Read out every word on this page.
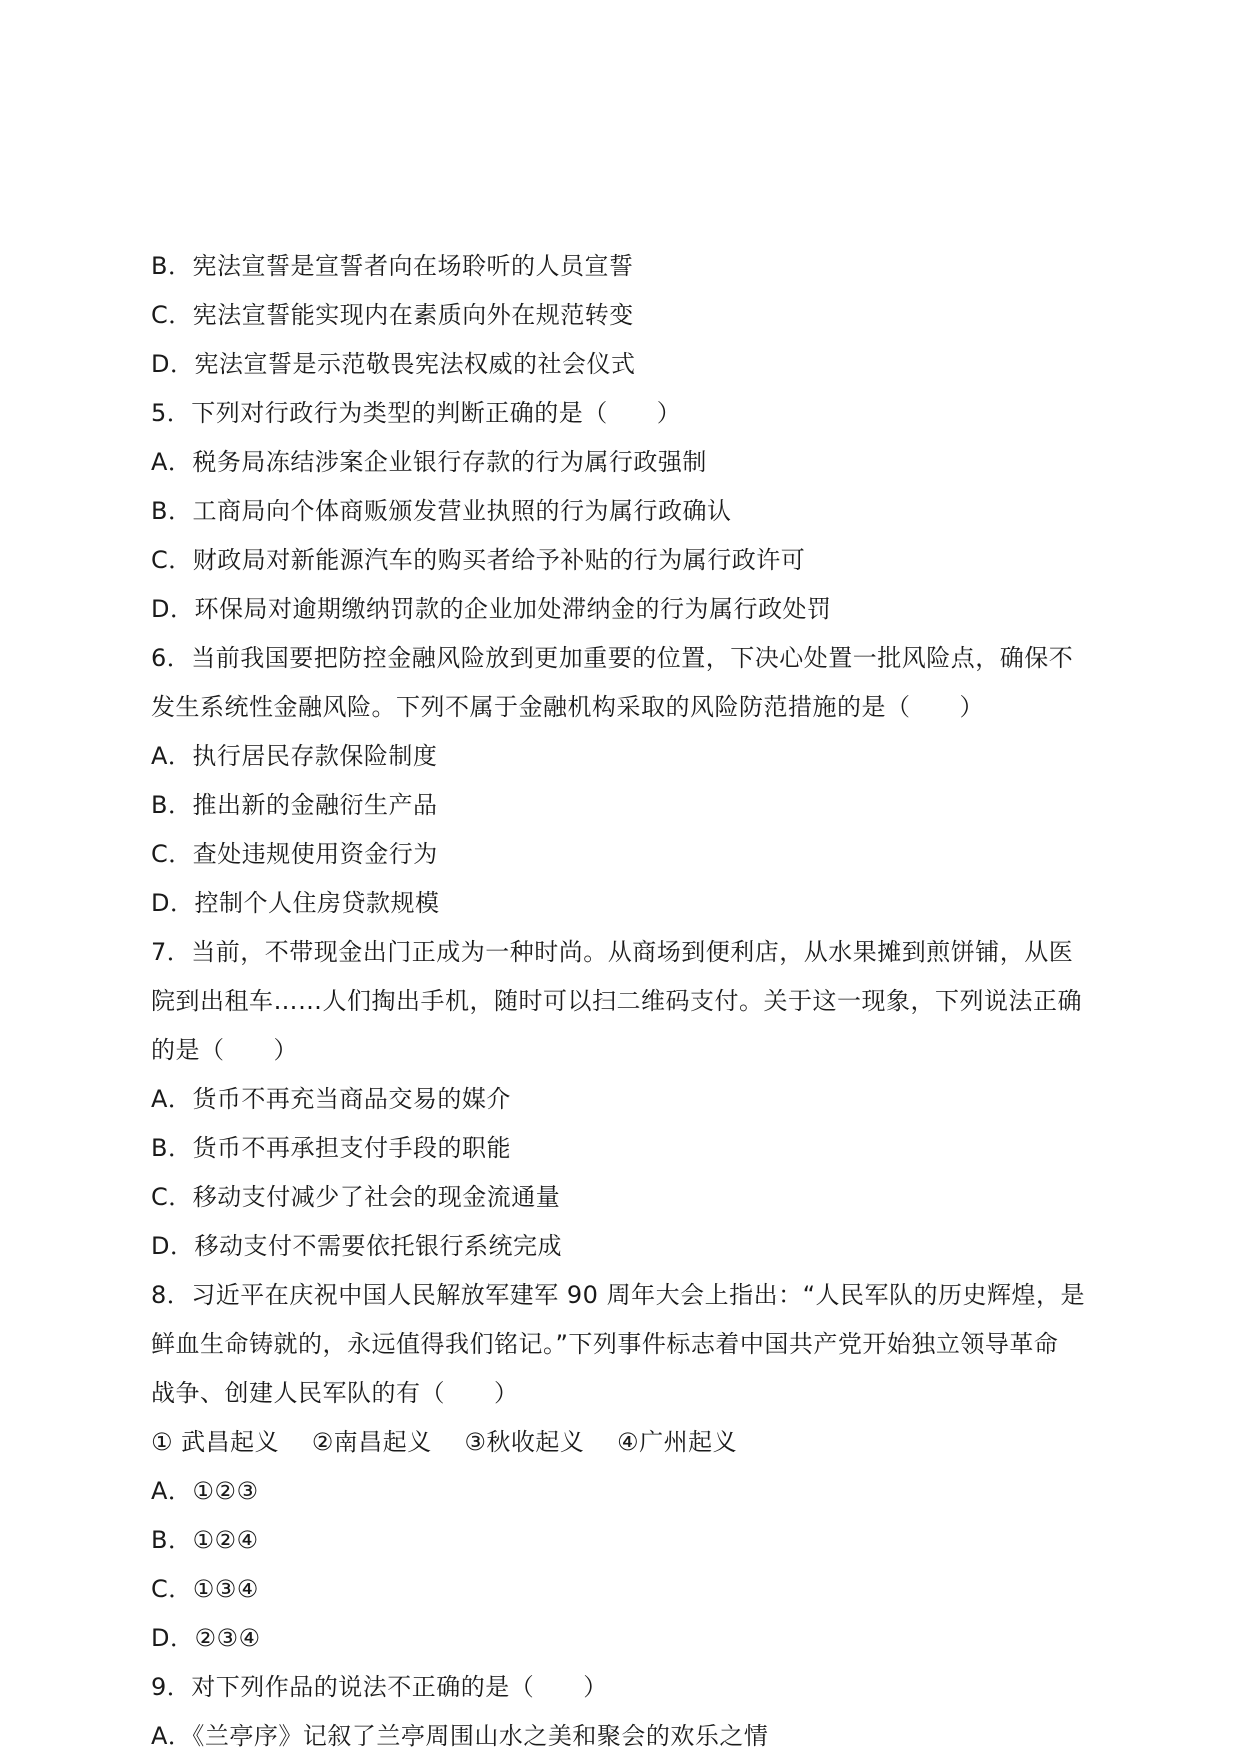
B．宪法宣誓是宣誓者向在场聆听的人员宣誓
C．宪法宣誓能实现内在素质向外在规范转变
D．宪法宣誓是示范敬畏宪法权威的社会仪式
5．下列对行政行为类型的判断正确的是（　　）
A．税务局冻结涉案企业银行存款的行为属行政强制
B．工商局向个体商贩颁发营业执照的行为属行政确认
C．财政局对新能源汽车的购买者给予补贴的行为属行政许可
D．环保局对逾期缴纳罚款的企业加处滞纳金的行为属行政处罚
6．当前我国要把防控金融风险放到更加重要的位置，下决心处置一批风险点，确保不
发生系统性金融风险。下列不属于金融机构采取的风险防范措施的是（　　）
A．执行居民存款保险制度
B．推出新的金融衍生产品
C．查处违规使用资金行为
D．控制个人住房贷款规模
7．当前，不带现金出门正成为一种时尚。从商场到便利店，从水果摊到煎饼铺，从医
院到出租车……人们掏出手机，随时可以扫二维码支付。关于这一现象，下列说法正确
的是（　　）
A．货币不再充当商品交易的媒介
B．货币不再承担支付手段的职能
C．移动支付减少了社会的现金流通量
D．移动支付不需要依托银行系统完成
8．习近平在庆祝中国人民解放军建军 90 周年大会上指出：“人民军队的历史辉煌，是
鲜血生命铸就的，永远值得我们铭记。”下列事件标志着中国共产党开始独立领导革命
战争、创建人民军队的有（　　）
① 武昌起义　 ②南昌起义　 ③秋收起义　 ④广州起义
A．①②③
B．①②④
C．①③④
D．②③④
9．对下列作品的说法不正确的是（　　）
A．《兰亭序》记叙了兰亭周围山水之美和聚会的欢乐之情
